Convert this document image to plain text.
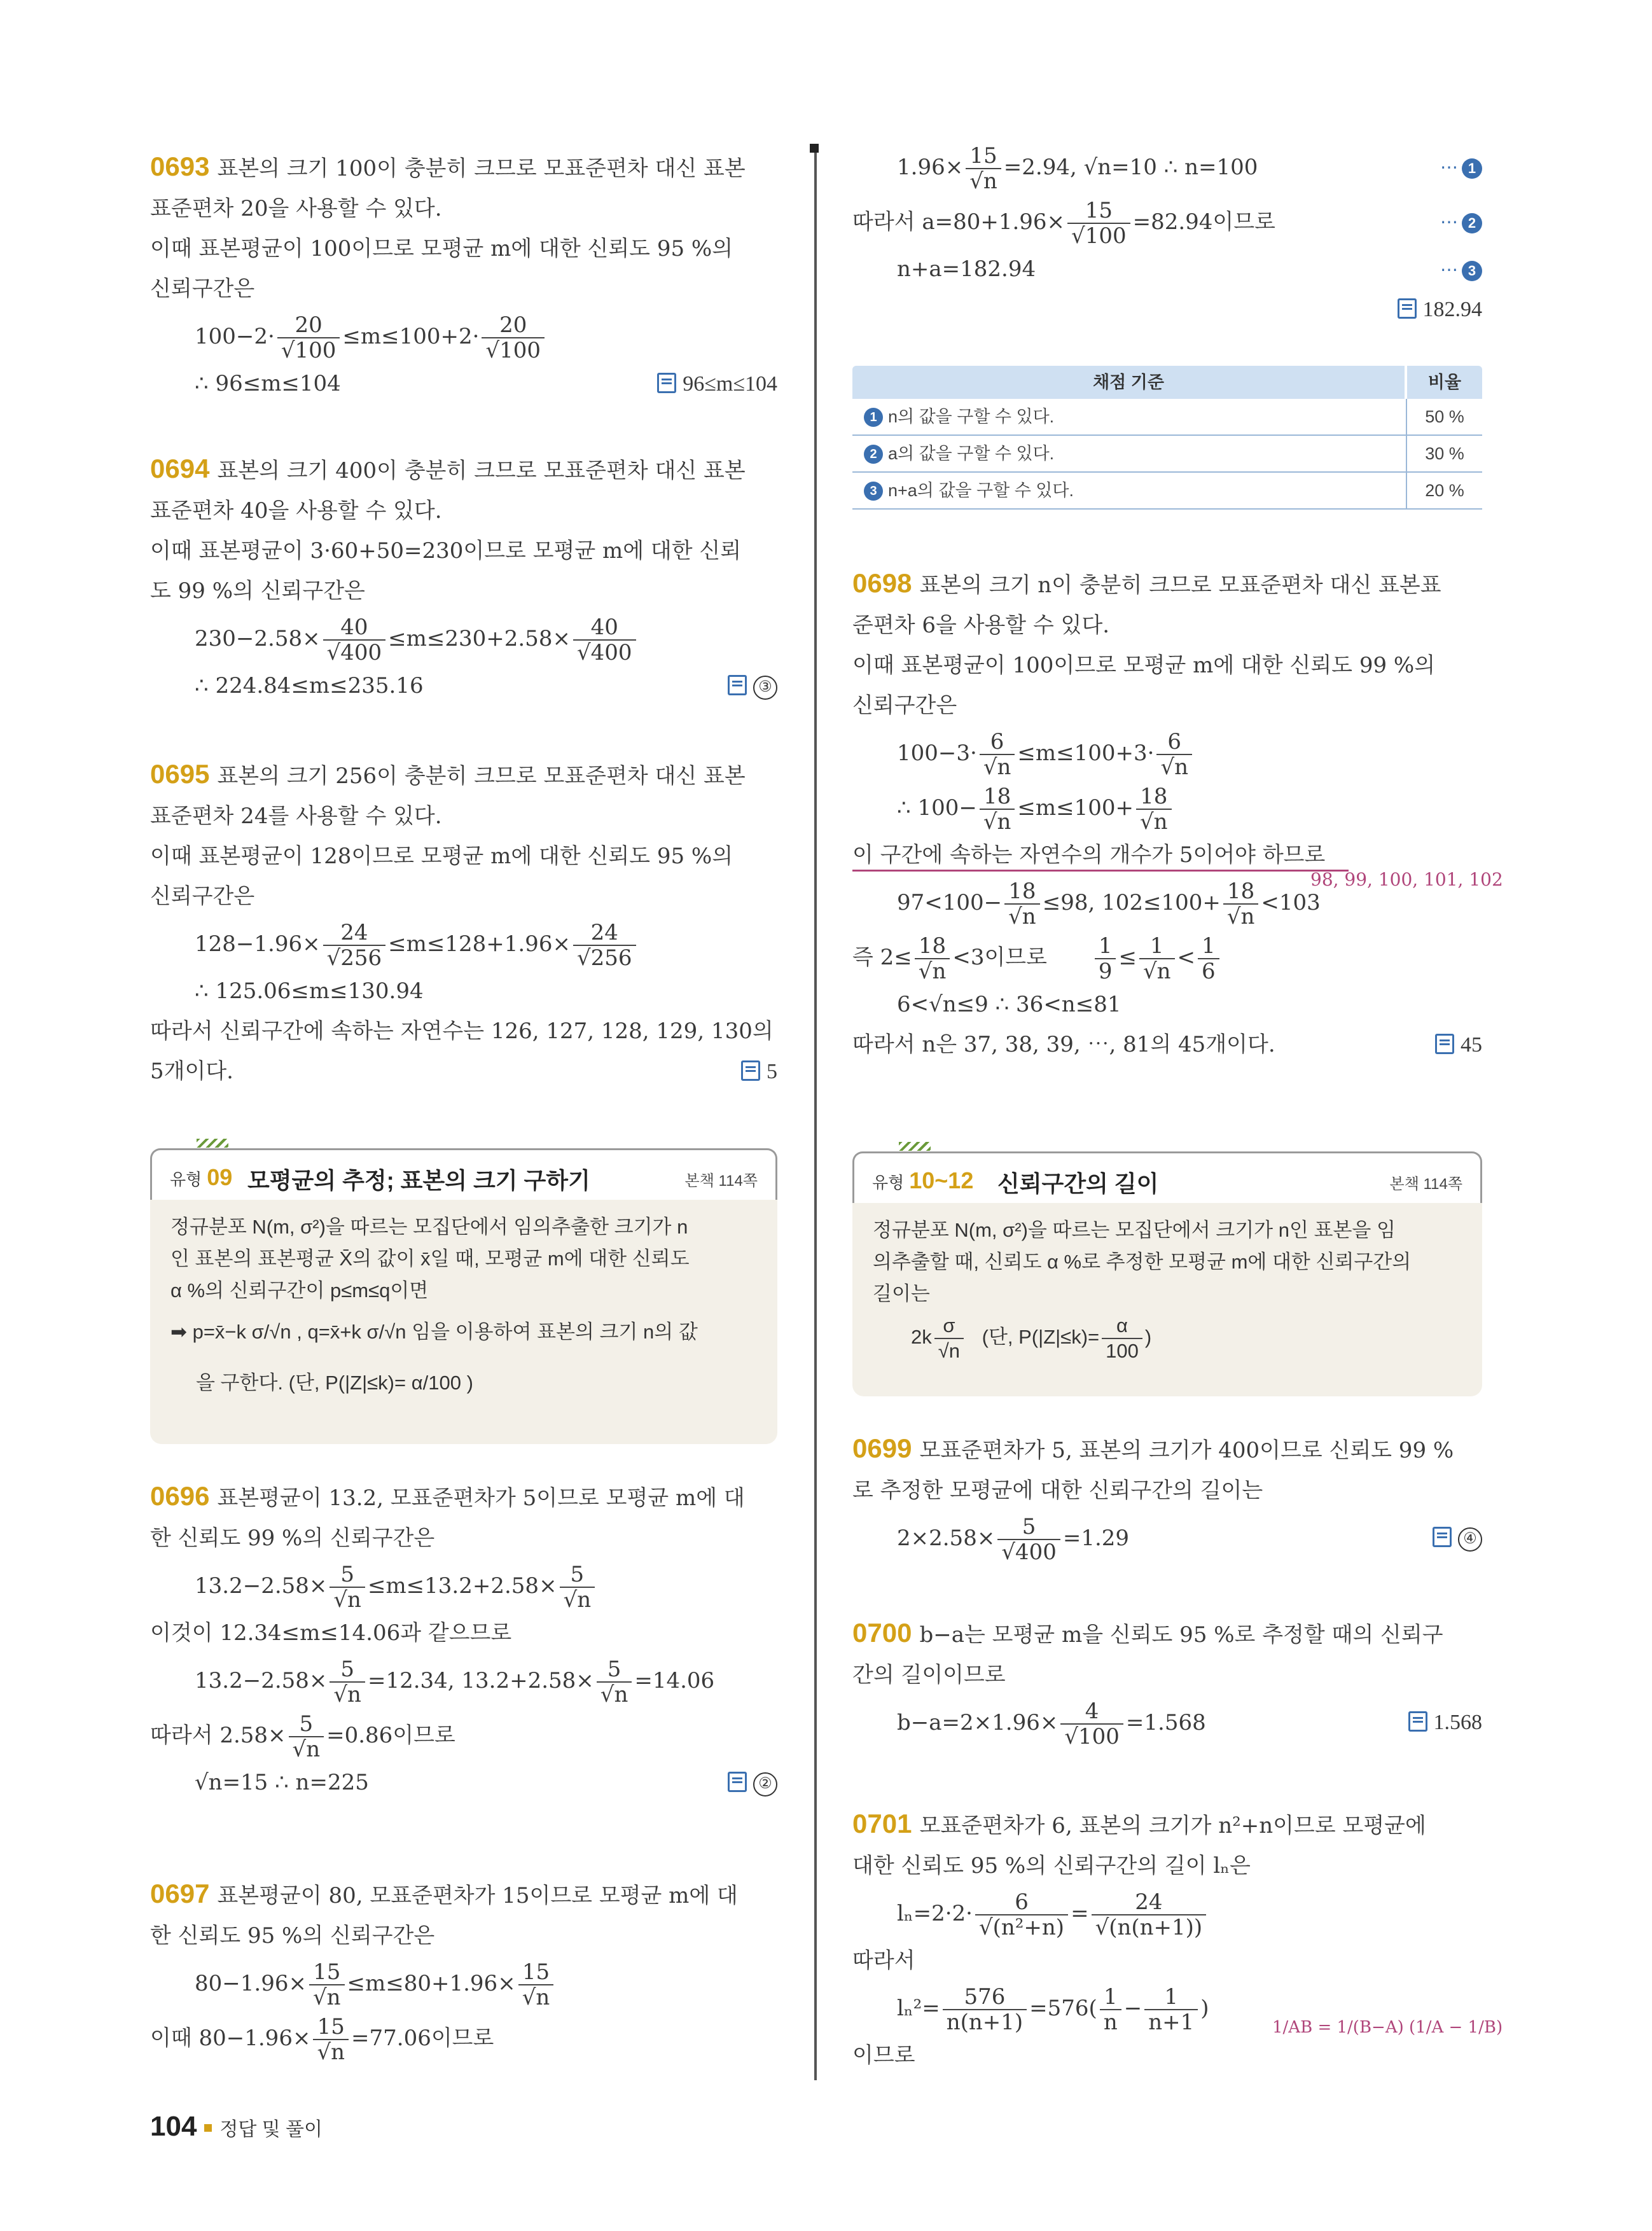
0693 표본의 크기 100이 충분히 크므로 모표준편차 대신 표본
표준편차 20을 사용할 수 있다.
이때 표본평균이 100이므로 모평균 m에 대한 신뢰도 95 %의
신뢰구간은
$100-2\cdot \frac{20}{√100} \le m\le 100+2\cdot \frac{20}{√100}$
∴ 96≤m≤104	96≤m≤104
0694 표본의 크기 400이 충분히 크므로 모표준편차 대신 표본
표준편차 40을 사용할 수 있다.
이때 표본평균이 3·60+50=230이므로 모평균 m에 대한 신뢰
도 99 %의 신뢰구간은
$230-2.58\times \frac{40}{√400} \le m\le 230+2.58\times \frac{40}{√400}$
∴ 224.84≤m≤235.16	③
0695 표본의 크기 256이 충분히 크므로 모표준편차 대신 표본
표준편차 24를 사용할 수 있다.
이때 표본평균이 128이므로 모평균 m에 대한 신뢰도 95 %의
신뢰구간은
$128-1.96\times \frac{24}{√256} \le m\le 128+1.96\times \frac{24}{√256}$
∴ 125.06≤m≤130.94
따라서 신뢰구간에 속하는 자연수는 126, 127, 128, 129, 130의
5개이다.	5
유형 09 모평균의 추정; 표본의 크기 구하기	본책 114쪽
정규분포 N(m, σ²)을 따르는 모집단에서 임의추출한 크기가 n
인 표본의 표본평균 X̄의 값이 x̄일 때, 모평균 m에 대한 신뢰도
α %의 신뢰구간이 p≤m≤q이면
➡ p=x̄−k σ/√n , q=x̄+k σ/√n 임을 이용하여 표본의 크기 n의 값
을 구한다. (단, P(|Z|≤k)= α/100 )
0696 표본평균이 13.2, 모표준편차가 5이므로 모평균 m에 대
한 신뢰도 99 %의 신뢰구간은
$13.2-2.58\times \frac{5}{√n} \le m\le 13.2+2.58\times \frac{5}{√n}$
이것이 12.34≤m≤14.06과 같으므로
$13.2-2.58\times \frac{5}{√n} =12.34$, $13.2+2.58\times \frac{5}{√n} =14.06$
따라서 $2.58\times \frac{5}{√n} =0.86$이므로
√n=15 ∴ n=225	②
0697 표본평균이 80, 모표준편차가 15이므로 모평균 m에 대
한 신뢰도 95 %의 신뢰구간은
$80-1.96\times \frac{15}{√n} \le m\le 80+1.96\times \frac{15}{√n}$
이때 $80-1.96\times \frac{15}{√n} =77.06$이므로
$1.96\times \frac{15}{√n} =2.94$, √n=10 ∴ n=100	⋯ 1
따라서 $a=80+1.96\times \frac{15}{√100} =82.94$이므로	⋯ 2
n+a=182.94	⋯ 3
182.94
채점 기준	비율
1 n의 값을 구할 수 있다.	50 %
2 a의 값을 구할 수 있다.	30 %
3 n+a의 값을 구할 수 있다.	20 %
0698 표본의 크기 n이 충분히 크므로 모표준편차 대신 표본표
준편차 6을 사용할 수 있다.
이때 표본평균이 100이므로 모평균 m에 대한 신뢰도 99 %의
신뢰구간은
$100-3\cdot \frac{6}{√n} \le m\le 100+3\cdot \frac{6}{√n}$
∴ $100- \frac{18}{√n} \le m\le 100+ \frac{18}{√n}$
이 구간에 속하는 자연수의 개수가 5이어야 하므로
98, 99, 100, 101, 102
$97<100- \frac{18}{√n} \le 98$, $102\le 100+ \frac{18}{√n} <103$
즉 $2\le \frac{18}{√n} <3$이므로 $\frac{1}{9} \le \frac{1}{√n} < \frac{1}{6}$
6<√n≤9 ∴ 36<n≤81
따라서 n은 37, 38, 39, ⋯, 81의 45개이다.	45
유형 10~12 신뢰구간의 길이	본책 114쪽
정규분포 N(m, σ²)을 따르는 모집단에서 크기가 n인 표본을 임
의추출할 때, 신뢰도 α %로 추정한 모평균 m에 대한 신뢰구간의
길이는
$2k \frac{\sigma}{√n}$ (단, $P(|Z|\le k)= \frac{\alpha}{100}$ )
0699 모표준편차가 5, 표본의 크기가 400이므로 신뢰도 99 %
로 추정한 모평균에 대한 신뢰구간의 길이는
$2\times 2.58\times \frac{5}{√400} =1.29$	④
0700 b−a는 모평균 m을 신뢰도 95 %로 추정할 때의 신뢰구
간의 길이이므로
$b-a=2\times 1.96\times \frac{4}{√100} =1.568$	1.568
0701 모표준편차가 6, 표본의 크기가 n²+n이므로 모평균에
대한 신뢰도 95 %의 신뢰구간의 길이 lₙ은
$l_n=2\cdot 2\cdot \frac{6}{\text{√(n²+n)}} = \frac{24}{√(n(n+1))}$
따라서
$l_n^2= \frac{576}{n(n+1)} =576( \frac{1}{n} - \frac{1}{n+1}$ )
1/AB = 1/(B−A) (1/A − 1/B)
이므로
104 정답 및 풀이
